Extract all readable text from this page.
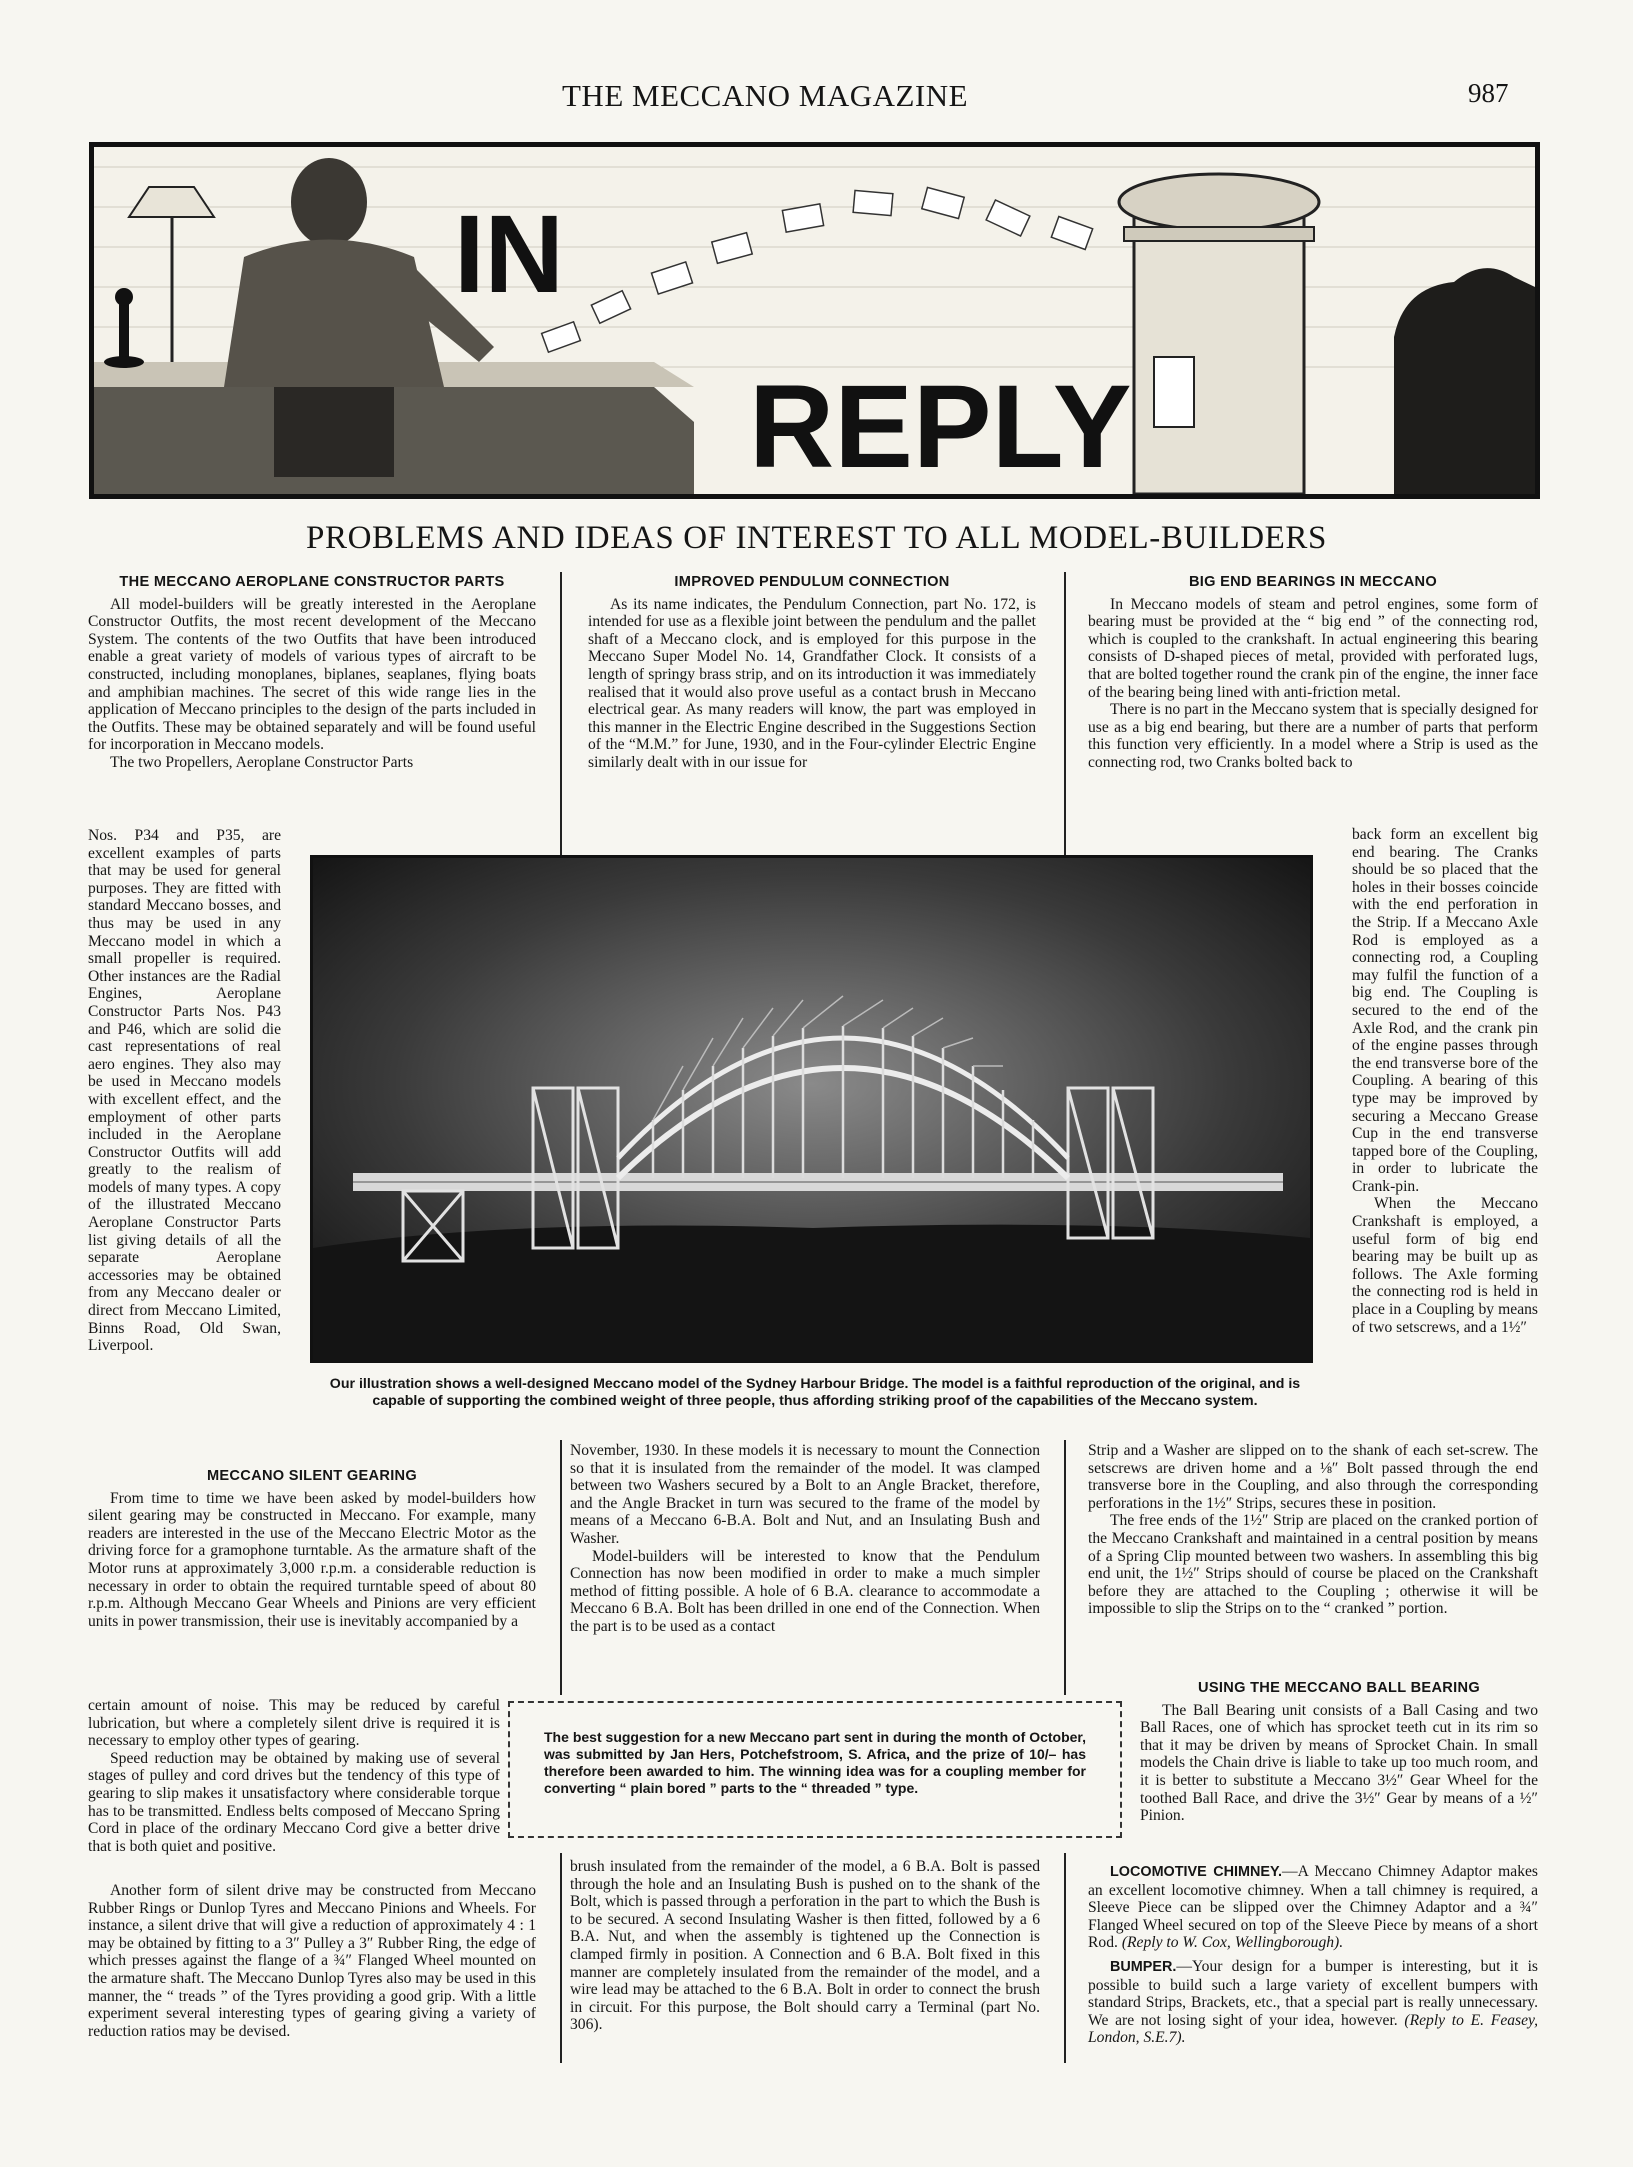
THE MECCANO MAGAZINE	987
IN
REPLY
PROBLEMS AND IDEAS OF INTEREST TO ALL MODEL-BUILDERS
THE MECCANO AEROPLANE CONSTRUCTOR PARTS

All model-builders will be greatly interested in the Aeroplane Constructor Outfits, the most recent development of the Meccano System. The contents of the two Outfits that have been introduced enable a great variety of models of various types of aircraft to be constructed, including monoplanes, biplanes, seaplanes, flying boats and amphibian machines. The secret of this wide range lies in the application of Meccano principles to the design of the parts included in the Outfits. These may be obtained separately and will be found useful for incorporation in Meccano models.

The two Propellers, Aeroplane Constructor Parts

Nos. P34 and P35, are excellent examples of parts that may be used for general purposes. They are fitted with standard Meccano bosses, and thus may be used in any Meccano model in which a small propeller is required. Other instances are the Radial Engines, Aeroplane Constructor Parts Nos. P43 and P46, which are solid die cast representations of real aero engines. They also may be used in Meccano models with excellent effect, and the employment of other parts included in the Aeroplane Constructor Outfits will add greatly to the realism of models of many types. A copy of the illustrated Meccano Aeroplane Constructor Parts list giving details of all the separate Aeroplane accessories may be obtained from any Meccano dealer or direct from Meccano Limited, Binns Road, Old Swan, Liverpool.

MECCANO SILENT GEARING

From time to time we have been asked by model-builders how silent gearing may be constructed in Meccano. For example, many readers are interested in the use of the Meccano Electric Motor as the driving force for a gramophone turntable. As the armature shaft of the Motor runs at approximately 3,000 r.p.m. a considerable reduction is necessary in order to obtain the required turntable speed of about 80 r.p.m. Although Meccano Gear Wheels and Pinions are very efficient units in power transmission, their use is inevitably accompanied by a

certain amount of noise. This may be reduced by careful lubrication, but where a completely silent drive is required it is necessary to employ other types of gearing.

Speed reduction may be obtained by making use of several stages of pulley and cord drives but the tendency of this type of gearing to slip makes it unsatisfactory where considerable torque has to be transmitted. Endless belts composed of Meccano Spring Cord in place of the ordinary Meccano Cord give a better drive that is both quiet and positive.

Another form of silent drive may be constructed from Meccano Rubber Rings or Dunlop Tyres and Meccano Pinions and Wheels. For instance, a silent drive that will give a reduction of approximately 4 : 1 may be obtained by fitting to a 3″ Pulley a 3″ Rubber Ring, the edge of which presses against the flange of a ¾″ Flanged Wheel mounted on the armature shaft. The Meccano Dunlop Tyres also may be used in this manner, the “ treads ” of the Tyres providing a good grip. With a little experiment several interesting types of gearing giving a variety of reduction ratios may be devised.

IMPROVED PENDULUM CONNECTION

As its name indicates, the Pendulum Connection, part No. 172, is intended for use as a flexible joint between the pendulum and the pallet shaft of a Meccano clock, and is employed for this purpose in the Meccano Super Model No. 14, Grandfather Clock. It consists of a length of springy brass strip, and on its introduction it was immediately realised that it would also prove useful as a contact brush in Meccano electrical gear. As many readers will know, the part was employed in this manner in the Electric Engine described in the Suggestions Section of the “M.M.” for June, 1930, and in the Four-cylinder Electric Engine similarly dealt with in our issue for

November, 1930. In these models it is necessary to mount the Connection so that it is insulated from the remainder of the model. It was clamped between two Washers secured by a Bolt to an Angle Bracket, therefore, and the Angle Bracket in turn was secured to the frame of the model by means of a Meccano 6-B.A. Bolt and Nut, and an Insulating Bush and Washer.

Model-builders will be interested to know that the Pendulum Connection has now been modified in order to make a much simpler method of fitting possible. A hole of 6 B.A. clearance to accommodate a Meccano 6 B.A. Bolt has been drilled in one end of the Connection. When the part is to be used as a contact

brush insulated from the remainder of the model, a 6 B.A. Bolt is passed through the hole and an Insulating Bush is pushed on to the shank of the Bolt, which is passed through a perforation in the part to which the Bush is to be secured. A second Insulating Washer is then fitted, followed by a 6 B.A. Nut, and when the assembly is tightened up the Connection is clamped firmly in position. A Connection and 6 B.A. Bolt fixed in this manner are completely insulated from the remainder of the model, and a wire lead may be attached to the 6 B.A. Bolt in order to connect the brush in circuit. For this purpose, the Bolt should carry a Terminal (part No. 306).

BIG END BEARINGS IN MECCANO

In Meccano models of steam and petrol engines, some form of bearing must be provided at the “ big end ” of the connecting rod, which is coupled to the crankshaft. In actual engineering this bearing consists of D-shaped pieces of metal, provided with perforated lugs, that are bolted together round the crank pin of the engine, the inner face of the bearing being lined with anti-friction metal.

There is no part in the Meccano system that is specially designed for use as a big end bearing, but there are a number of parts that perform this function very efficiently. In a model where a Strip is used as the connecting rod, two Cranks bolted back to

back form an excellent big end bearing. The Cranks should be so placed that the holes in their bosses coincide with the end perforation in the Strip. If a Meccano Axle Rod is employed as a connecting rod, a Coupling may fulfil the function of a big end. The Coupling is secured to the end of the Axle Rod, and the crank pin of the engine passes through the end transverse bore of the Coupling. A bearing of this type may be improved by securing a Meccano Grease Cup in the end transverse tapped bore of the Coupling, in order to lubricate the Crank-pin.

When the Meccano Crankshaft is employed, a useful form of big end bearing may be built up as follows. The Axle forming the connecting rod is held in place in a Coupling by means of two setscrews, and a 1½″

Strip and a Washer are slipped on to the shank of each set-screw. The setscrews are driven home and a ⅛″ Bolt passed through the end transverse bore in the Coupling, and also through the corresponding perforations in the 1½″ Strips, secures these in position.

The free ends of the 1½″ Strip are placed on the cranked portion of the Meccano Crankshaft and maintained in a central position by means of a Spring Clip mounted between two washers. In assembling this big end unit, the 1½″ Strips should of course be placed on the Crankshaft before they are attached to the Coupling ; otherwise it will be impossible to slip the Strips on to the “ cranked ” portion.

USING THE MECCANO BALL BEARING

The Ball Bearing unit consists of a Ball Casing and two Ball Races, one of which has sprocket teeth cut in its rim so that it may be driven by means of Sprocket Chain. In small models the Chain drive is liable to take up too much room, and it is better to substitute a Meccano 3½″ Gear Wheel for the toothed Ball Race, and drive the 3½″ Gear by means of a ½″ Pinion.

LOCOMOTIVE CHIMNEY.—A Meccano Chimney Adaptor makes an excellent locomotive chimney. When a tall chimney is required, a Sleeve Piece can be slipped over the Chimney Adaptor and a ¾″ Flanged Wheel secured on top of the Sleeve Piece by means of a short Rod. (Reply to W. Cox, Wellingborough).

BUMPER.—Your design for a bumper is interesting, but it is possible to build such a large variety of excellent bumpers with standard Strips, Brackets, etc., that a special part is really unnecessary. We are not losing sight of your idea, however. (Reply to E. Feasey, London, S.E.7).

Our illustration shows a well-designed Meccano model of the Sydney Harbour Bridge. The model is a faithful reproduction of the original, and is capable of supporting the combined weight of three people, thus affording striking proof of the capabilities of the Meccano system.
The best suggestion for a new Meccano part sent in during the month of October, was submitted by Jan Hers, Potchefstroom, S. Africa, and the prize of 10/– has therefore been awarded to him. The winning idea was for a coupling member for converting “ plain bored ” parts to the “ threaded ” type.
